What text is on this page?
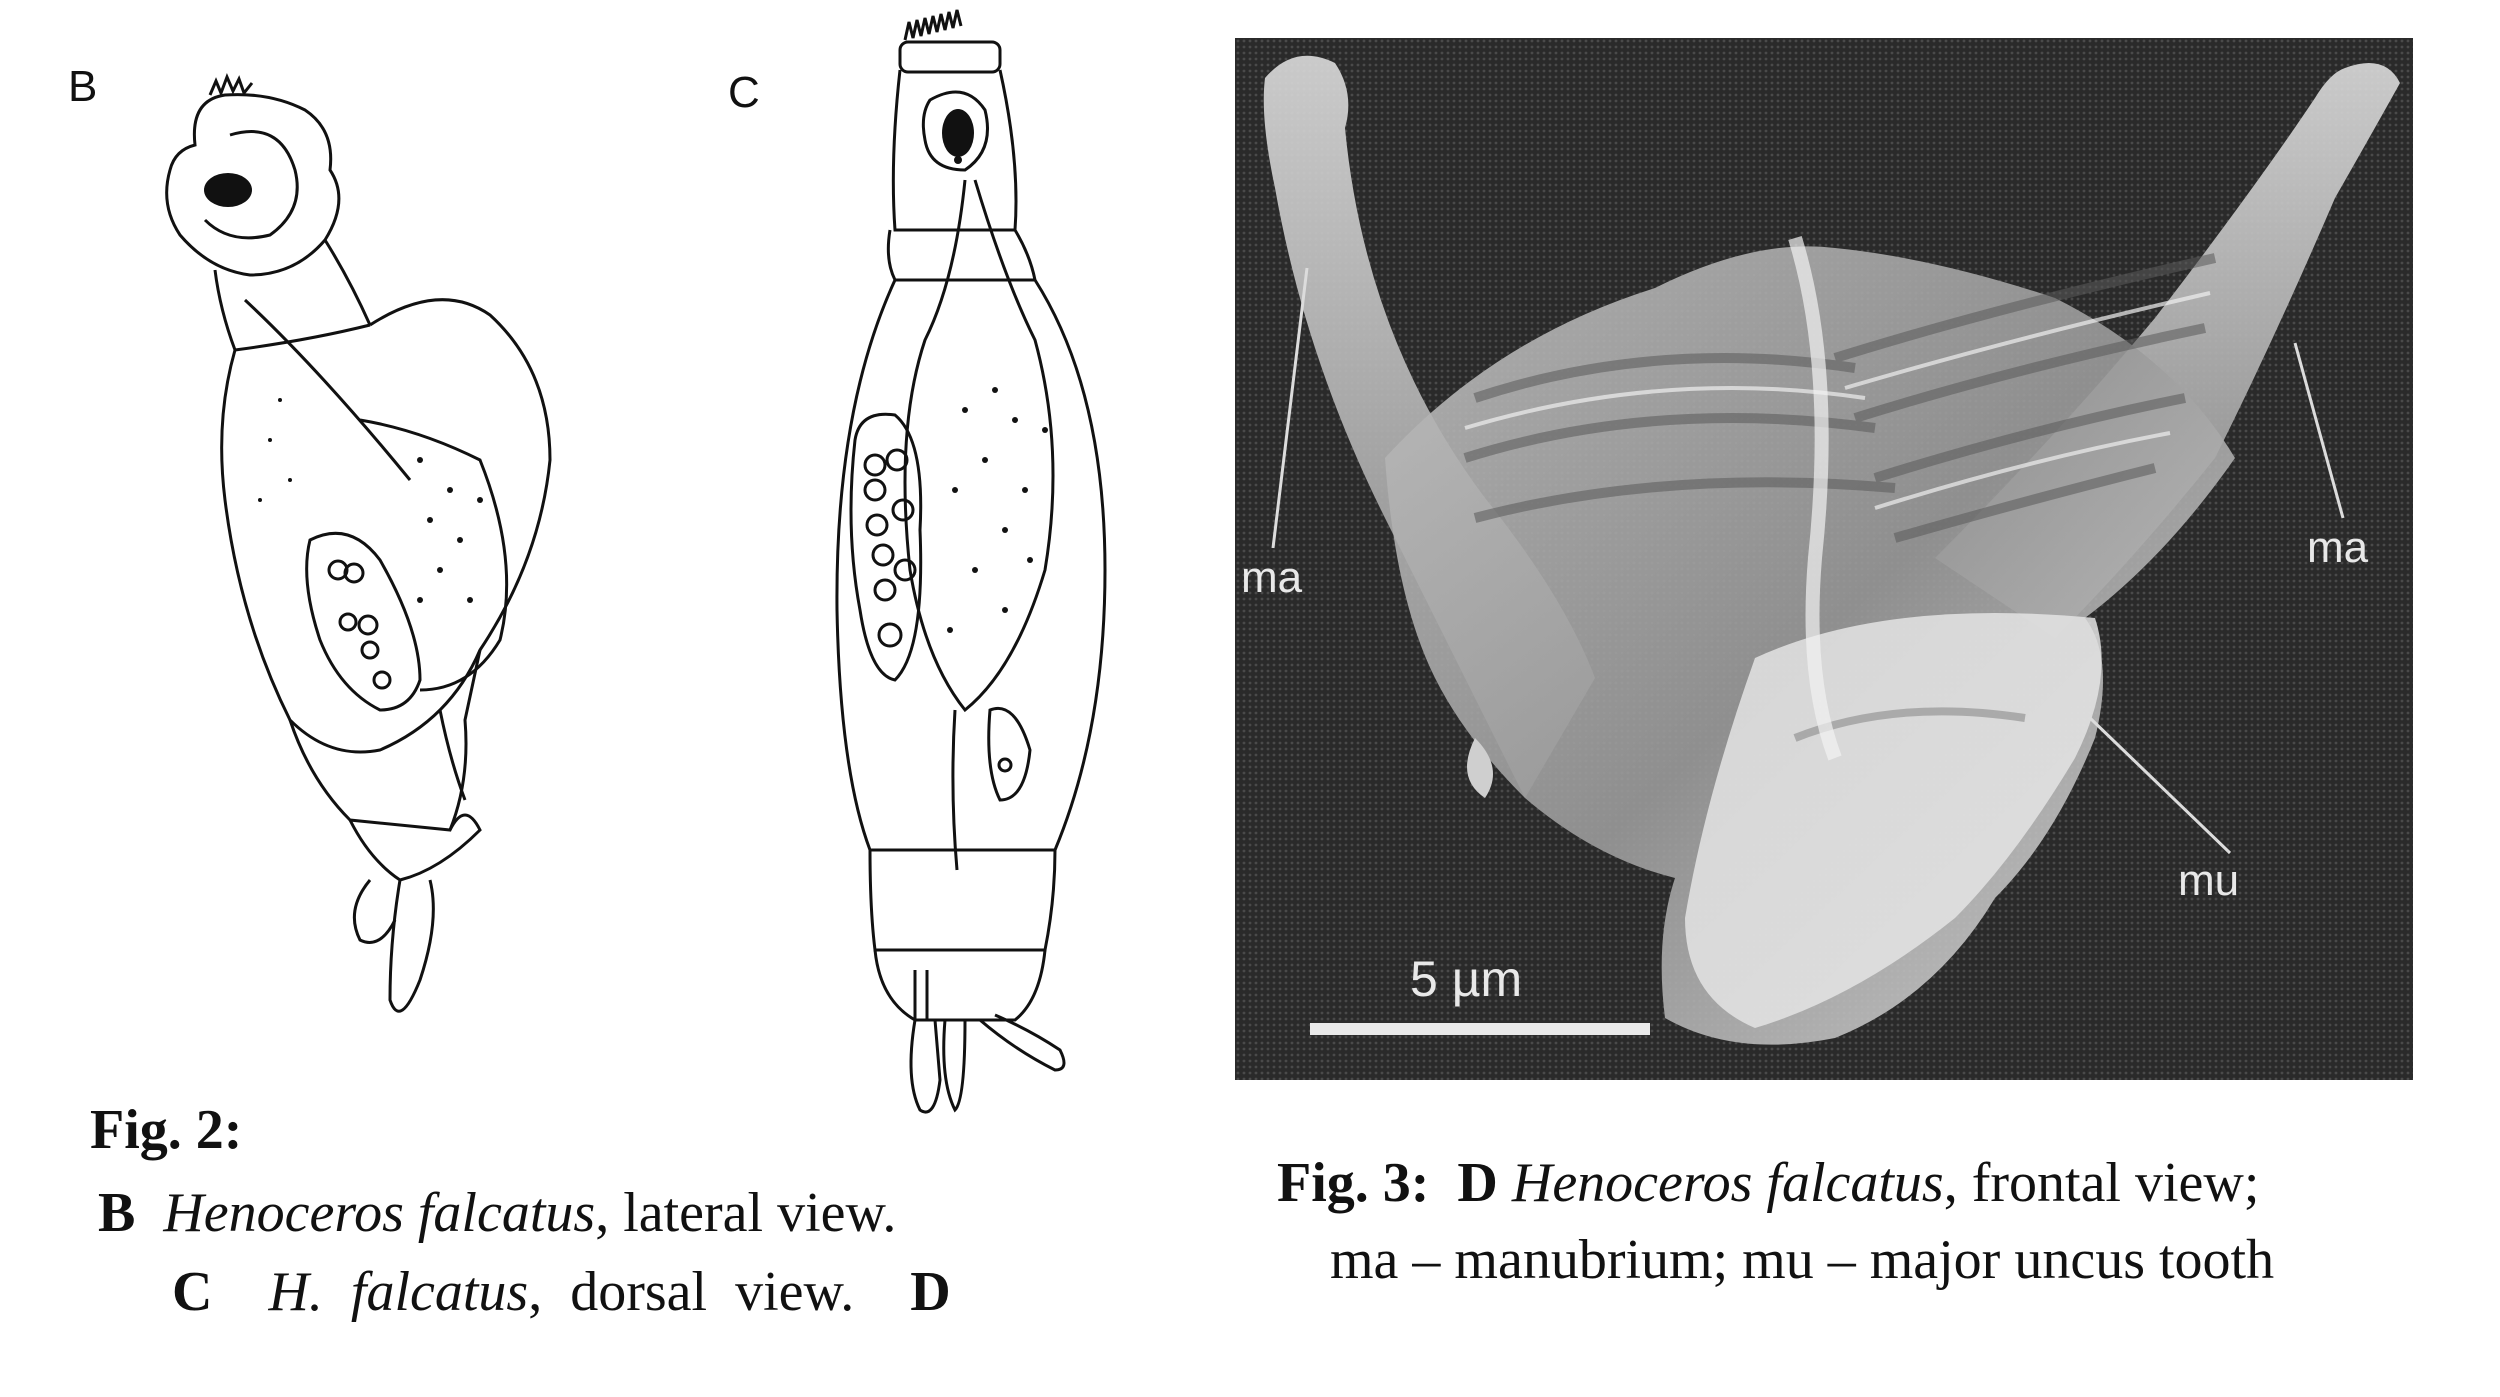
B	C
Fig. 2:
B Henoceros falcatus, lateral view.
C H. falcatus, dorsal view. D
ma
ma
mu
5 µm
Fig. 3: D Henoceros falcatus, frontal view;
ma – manubrium; mu – major uncus tooth
